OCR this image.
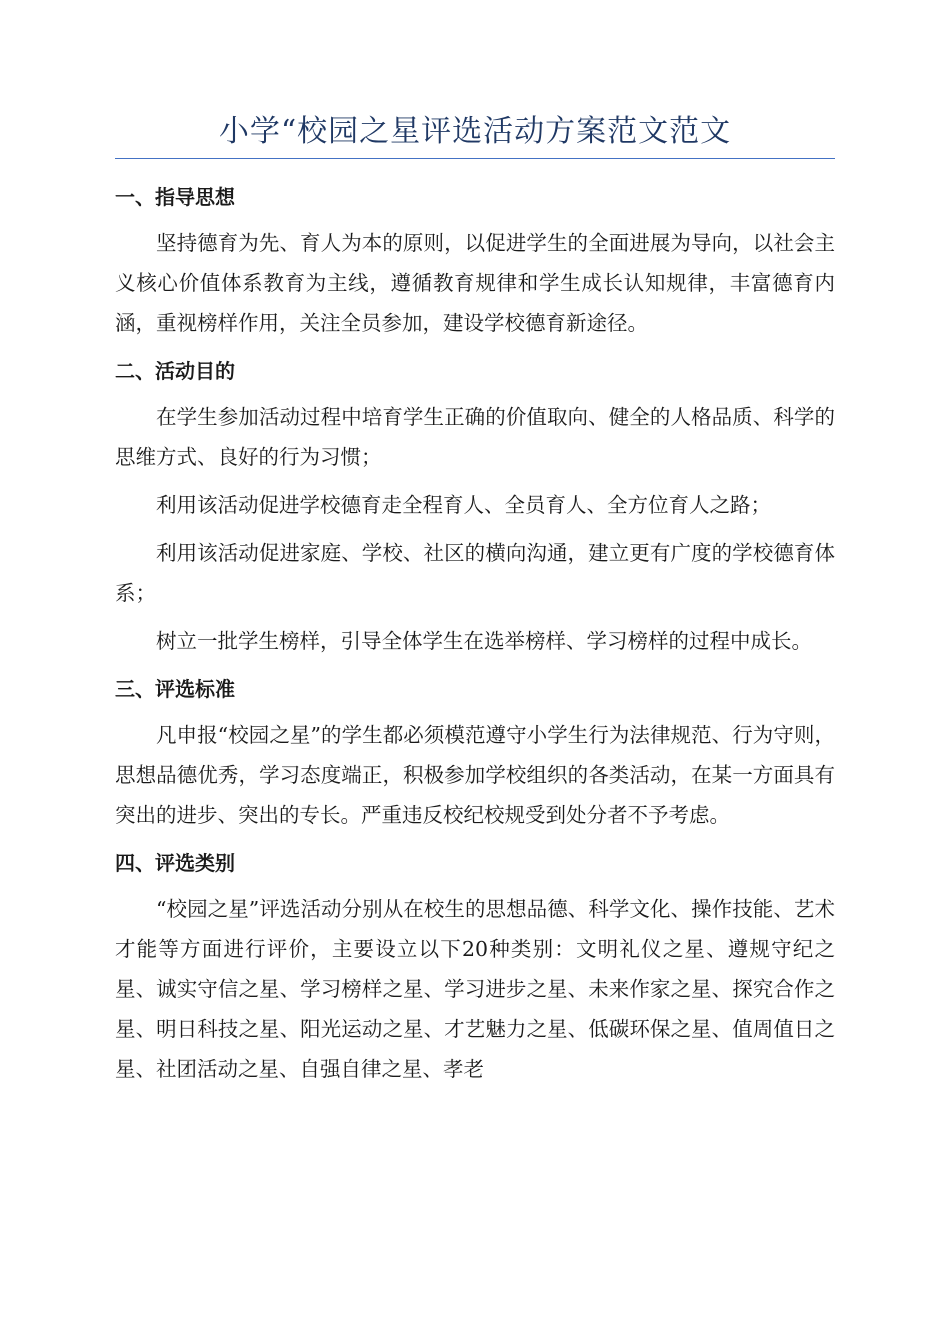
小学“校园之星评选活动方案范文范文
一、指导思想

坚持德育为先、育人为本的原则，以促进学生的全面进展为导向，以社会主义核心价值体系教育为主线，遵循教育规律和学生成长认知规律，丰富德育内涵，重视榜样作用，关注全员参加，建设学校德育新途径。

二、活动目的

在学生参加活动过程中培育学生正确的价值取向、健全的人格品质、科学的思维方式、良好的行为习惯；

利用该活动促进学校德育走全程育人、全员育人、全方位育人之路；

利用该活动促进家庭、学校、社区的横向沟通，建立更有广度的学校德育体系；

树立一批学生榜样，引导全体学生在选举榜样、学习榜样的过程中成长。

三、评选标准

凡申报“校园之星”的学生都必须模范遵守小学生行为法律规范、行为守则，思想品德优秀，学习态度端正，积极参加学校组织的各类活动，在某一方面具有突出的进步、突出的专长。严重违反校纪校规受到处分者不予考虑。

四、评选类别

“校园之星”评选活动分别从在校生的思想品德、科学文化、操作技能、艺术才能等方面进行评价，主要设立以下20种类别：文明礼仪之星、遵规守纪之星、诚实守信之星、学习榜样之星、学习进步之星、未来作家之星、探究合作之星、明日科技之星、阳光运动之星、才艺魅力之星、低碳环保之星、值周值日之星、社团活动之星、自强自律之星、孝老
